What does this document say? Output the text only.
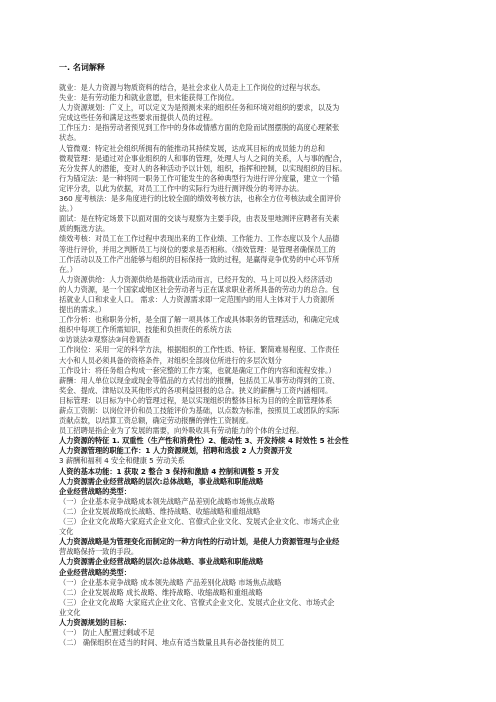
一. 名词解释
就业：是人力资源与物质资料的结合，是社会求业人员走上工作岗位的过程与状态。
失业：是有劳动能力和就业意愿，但未能获得工作岗位。
人力资源规划：广义上，可以定义为是预测未来的组织任务和环境对组织的要求，以及为
完成这些任务和满足这些要求而提供人员的过程。
工作压力：是指劳动者预见到工作中的身体或情感方面的危险而试图摆脱的高度心理紧张
状态。
人管微观：特定社会组织所拥有的能推动其持续发展，达成其目标的成员能力的总和
微观管理：是通过对企事业组织的人和事的管理，处理人与人之间的关系，人与事的配合，
充分发挥人的潜能，变对人的各种活动予以计划，组织，指挥和控制，以实现组织的目标。
行为锚定法：是一种将同一职务工作可能发生的各种典型行为进行评分度量，建立一个锚
定评分表，以此为依据，对员工工作中的实际行为进行测评级分的考评办法。
360 度考核法：是多角度进行的比较全面的绩效考核方法，也称全方位考核法或全面评价
法。）
面试：是在特定场景下以面对面的交谈与观察为主要手段，由表及里地测评应聘者有关素
质的甄选方法。
绩效考核：对员工在工作过程中表现出来的工作业绩、工作能力、工作态度以及个人品德
等进行评价，并用之判断员工与岗位的要求是否相称。（绩效管理：是管理者确保员工的
工作活动以及工作产出能够与组织的目标保持一致的过程，是赢得竞争优势的中心环节所
在。）
人力资源供给：人力资源供给是指就业活动而言，已经开发的、马上可以投入经济活动
的人力资源，是一个国家或地区社会劳动者与正在谋求职业者所具备的劳动力的总合。包
括就业人口和求业人口。 需求：人力资源需求即一定范围内的用人主体对于人力资源所
提出的需求。）
工作分析：也称职务分析，是全面了解一项具体工作或具体职务的管理活动，和确定完成
组织中每项工作所需知识、技能和负担责任的系统方法
①访谈法②观察法③问卷调查
工作岗位：采用一定的科学方法，根据组织的工作性质、特征、繁简难易程度、工作责任
大小和人员必须具备的资格条件，对组织全部岗位所进行的多层次划分
工作设计：将任务组合构成一套完整的工作方案，也就是确定工作的内容和流程安排。）
薪酬：用人单位以现金或现金等值品的方式付出的报酬，包括员工从事劳动得到的工资、
奖金、提成、津贴以及其他形式的各项利益回报的总合。狭义的薪酬与工资内涵相同。
目标管理：以目标为中心的管理过程，是以实现组织的整体目标为目的的全面管理体系
薪点工资制：以岗位评价和员工技能评价为基础，以点数为标准，按照员工或团队的实际
贡献点数，以结算工资总额，确定劳动报酬的弹性工资制度。
员工招聘是指企业为了发展的需要，向外吸收具有劳动能力的个体的全过程。
人力资源的特征 1. 双重性（生产性和消费性）2、能动性 3、开发持续 4 时效性 5 社会性
人力资源管理的职能工作：1 人力资源规划，招聘和选拔 2 人力资源开发
3 薪酬和福利 4 安全和健康 5 劳动关系
人资的基本功能：1 获取 2 整合 3 保持和激励 4 控制和调整 5 开发
人力资源需企业经营战略的层次:总体战略，事业战略和职能战略
企业经营战略的类型：
（一）企业基本竞争战略成本领先战略产品差别化战略市场焦点战略
（二）企业发展战略成长战略、维持战略、收缩战略和重组战略
（三）企业文化战略大家庭式企业文化、官僚式企业文化、发展式企业文化、市场式企业
文化
人力资源战略是为管理变化而制定的一种方向性的行动计划，是使人力资源管理与企业经
营战略保持一致的手段。
人力资源需企业经营战略的层次:总体战略、事业战略和职能战略
企业经营战略的类型：
（一）企业基本竞争战略 成本领先战略 产品差别化战略 市场焦点战略
（二）企业发展战略 成长战略、维持战略、收缩战略和重组战略
（三）企业文化战略 大家庭式企业文化、官僚式企业文化、发展式企业文化、市场式企
业文化
人力资源规划的目标：
（一） 防止人配置过剩或不足
（二） 确保组织在适当的时间、地点有适当数量且具有必备技能的员工
